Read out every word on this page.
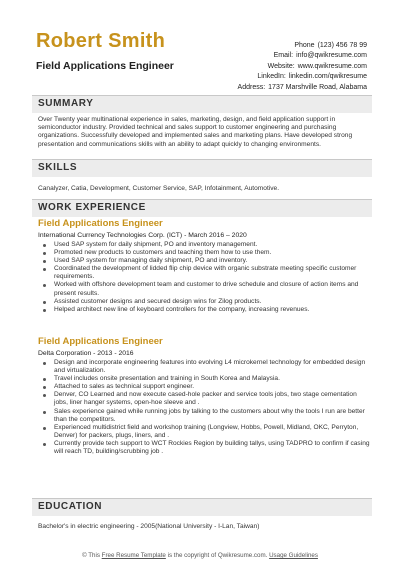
Robert Smith
Field Applications Engineer
Phone (123) 456 78 99
Email: info@qwikresume.com
Website: www.qwikresume.com
LinkedIn: linkedin.com/qwikresume
Address: 1737 Marshville Road, Alabama
SUMMARY
Over Twenty year multinational experience in sales, marketing, design, and field application support in semiconductor industry. Provided technical and sales support to customer engineering and purchasing organizations. Successfully developed and implemented sales and marketing plans. Have developed strong presentation and communications skills with an ability to adapt quickly to changing environments.
SKILLS
Canalyzer, Catia, Development, Customer Service, SAP, Infotainment, Automotive.
WORK EXPERIENCE
Field Applications Engineer
International Currency Technologies Corp. (ICT) - March 2016 – 2020
Used SAP system for daily shipment, PO and inventory management.
Promoted new products to customers and teaching them how to use them.
Used SAP system for managing daily shipment, PO and inventory.
Coordinated the development of lidded flip chip device with organic substrate meeting specific customer requirements.
Worked with offshore development team and customer to drive schedule and closure of action items and present results.
Assisted customer designs and secured design wins for Zilog products.
Helped architect new line of keyboard controllers for the company, increasing revenues.
Field Applications Engineer
Delta Corporation - 2013 - 2016
Design and incorporate engineering features into evolving L4 microkernel technology for embedded design and virtualization.
Travel includes onsite presentation and training in South Korea and Malaysia.
Attached to sales as technical support engineer.
Denver, CO Learned and now execute cased-hole packer and service tools jobs, two stage cementation jobs, liner hanger systems, open-hoe sleeve and .
Sales experience gained while running jobs by talking to the customers about why the tools I run are better than the competitors.
Experienced multidistrict field and workshop training (Longview, Hobbs, Powell, Midland, OKC, Perryton, Denver) for packers, plugs, liners, and .
Currently provide tech support to WCT Rockies Region by building tallys, using TADPRO to confirm if casing will reach TD, building/scrubbing job .
EDUCATION
Bachelor's in electric engineering - 2005(National University - I-Lan, Taiwan)
© This Free Resume Template is the copyright of Qwikresume.com. Usage Guidelines
